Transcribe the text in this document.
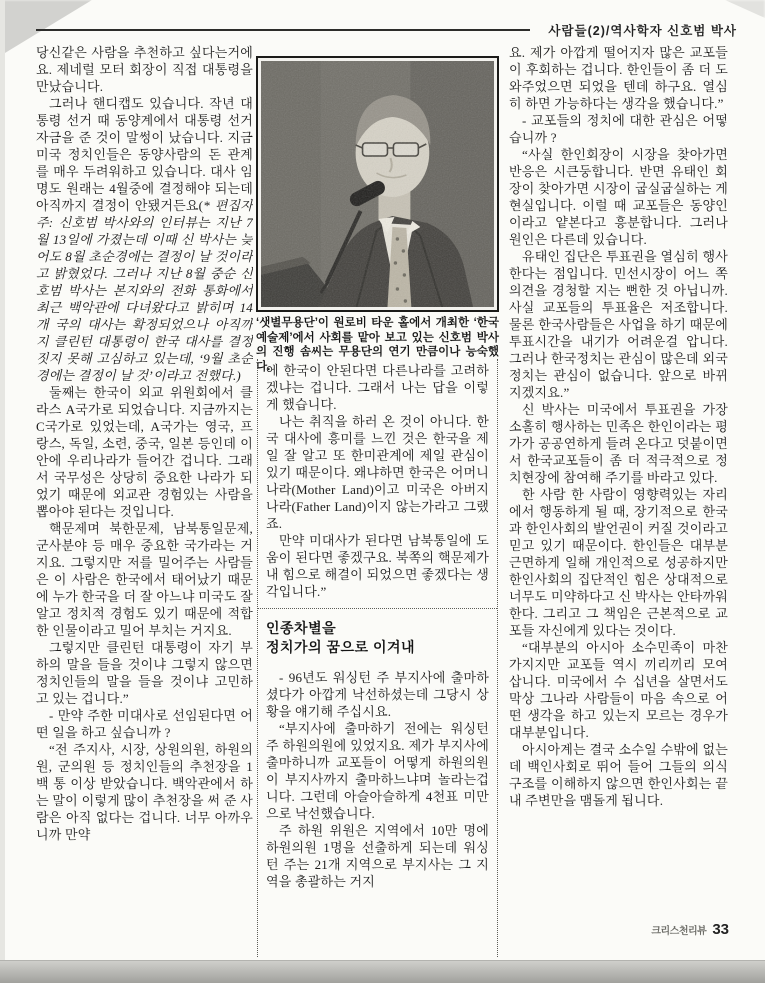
사람들(2)/역사학자 신호범 박사

당신같은 사람을 추천하고 싶다는거에요. 제네럴 모터 회장이 직접 대통령을 만났습니다.

그러나 핸디캡도 있습니다. 작년 대통령 선거 때 동양계에서 대통령 선거 자금을 준 것이 말썽이 났습니다. 지금 미국 정치인들은 동양사람의 돈 관계를 매우 두려워하고 있습니다. 대사 임명도 원래는 4월중에 결정해야 되는데 아직까지 결정이 안됐거든요(* 편집자 주: 신호범 박사와의 인터뷰는 지난 7월 13일에 가졌는데 이때 신 박사는 늦어도 8월 초순경에는 결정이 날 것이라고 밝혔었다. 그러나 지난 8월 중순 신호범 박사는 본지와의 전화 통화에서 최근 백악관에 다녀왔다고 밝히며 14개 국의 대사는 확정되었으나 아직까지 클린턴 대통령이 한국 대사를 결정짓지 못해 고심하고 있는데, ‘9월 초순경에는 결정이 날 것’이라고 전했다.)

둘째는 한국이 외교 위원회에서 클라스 A국가로 되었습니다. 지금까지는 C국가로 있었는데, A국가는 영국, 프랑스, 독일, 소련, 중국, 일본 등인데 이안에 우리나라가 들어간 겁니다. 그래서 국무성은 상당히 중요한 나라가 되었기 때문에 외교관 경험있는 사람을 뽑아야 된다는 것입니다.

핵문제며 북한문제, 남북통일문제, 군사분야 등 매우 중요한 국가라는 거지요. 그렇지만 저를 밀어주는 사람들은 이 사람은 한국에서 태어났기 때문에 누가 한국을 더 잘 아느냐 미국도 잘 알고 정치적 경험도 있기 때문에 적합한 인물이라고 밀어 부치는 거지요.

그렇지만 클린턴 대통령이 자기 부하의 말을 들을 것이냐 그렇지 않으면 정치인들의 말을 들을 것이냐 고민하고 있는 겁니다.”

- 만약 주한 미대사로 선임된다면 어떤 일을 하고 싶습니까 ?

“전 주지사, 시장, 상원의원, 하원의원, 군의원 등 정치인들의 추천장을 1백 통 이상 받았습니다. 백악관에서 하는 말이 이렇게 많이 추천장을 써 준 사람은 아직 없다는 겁니다. 너무 아까우니까 만약

‘샛별무용단’이 원로비 타운 홀에서 개최한 ‘한국예술제’에서 사회를 맡아 보고 있는 신호범 박사의 진행 솜씨는 무용단의 연기 만큼이나 능숙했다.

에 한국이 안된다면 다른나라를 고려하겠냐는 겁니다. 그래서 나는 답을 이렇게 했습니다.

나는 취직을 하러 온 것이 아니다. 한국 대사에 흥미를 느낀 것은 한국을 제일 잘 알고 또 한미관계에 제일 관심이 있기 때문이다. 왜냐하면 한국은 어머니 나라(Mother Land)이고 미국은 아버지 나라(Father Land)이지 않는가라고 그랬죠.

만약 미대사가 된다면 남북통일에 도움이 된다면 좋겠구요. 북쪽의 핵문제가 내 힘으로 해결이 되었으면 좋겠다는 생각입니다.”

인종차별을
정치가의 꿈으로 이겨내

- 96년도 워싱턴 주 부지사에 출마하셨다가 아깝게 낙선하셨는데 그당시 상황을 얘기해 주십시요.

“부지사에 출마하기 전에는 워싱턴 주 하원의원에 있었지요. 제가 부지사에 출마하니까 교포들이 어떻게 하원의원이 부지사까지 출마하느냐며 놀라는겁니다. 그런데 아슬아슬하게 4천표 미만으로 낙선했습니다.

주 하원 위원은 지역에서 10만 명에 하원의원 1명을 선출하게 되는데 워싱턴 주는 21개 지역으로 부지사는 그 지역을 총괄하는 거지

요. 제가 아깝게 떨어지자 많은 교포들이 후회하는 겁니다. 한인들이 좀 더 도와주었으면 되었을 텐데 하구요. 열심히 하면 가능하다는 생각을 했습니다.”

- 교포들의 정치에 대한 관심은 어떻습니까 ?

“사실 한인회장이 시장을 찾아가면 반응은 시큰둥합니다. 반면 유태인 회장이 찾아가면 시장이 굽실굽실하는 게 현실입니다. 이럴 때 교포들은 동양인이라고 얕본다고 흥분합니다. 그러나 원인은 다른데 있습니다.

유태인 집단은 투표권을 열심히 행사한다는 점입니다. 민선시장이 어느 쪽 의견을 경청할 지는 뻔한 것 아닙니까. 사실 교포들의 투표율은 저조합니다. 물론 한국사람들은 사업을 하기 때문에 투표시간을 내기가 어려운걸 압니다. 그러나 한국정치는 관심이 많은데 외국정치는 관심이 없습니다. 앞으로 바뀌지겠지요.”

신 박사는 미국에서 투표권을 가장 소홀히 행사하는 민족은 한인이라는 평가가 공공연하게 들려 온다고 덧붙이면서 한국교포들이 좀 더 적극적으로 정치현장에 참여해 주기를 바라고 있다.

한 사람 한 사람이 영향력있는 자리에서 행동하게 될 때, 장기적으로 한국과 한인사회의 발언권이 커질 것이라고 믿고 있기 때문이다. 한인들은 대부분 근면하게 일해 개인적으로 성공하지만 한인사회의 집단적인 힘은 상대적으로 너무도 미약하다고 신 박사는 안타까워한다. 그리고 그 책임은 근본적으로 교포들 자신에게 있다는 것이다.

“대부분의 아시아 소수민족이 마찬가지지만 교포들 역시 끼리끼리 모여 삽니다. 미국에서 수 십년을 살면서도 막상 그나라 사람들이 마음 속으로 어떤 생각을 하고 있는지 모르는 경우가 대부분입니다.

아시아계는 결국 소수일 수밖에 없는데 백인사회로 뛰어 들어 그들의 의식구조를 이해하지 않으면 한인사회는 끝내 주변만을 맴돌게 됩니다.

크리스천리뷰 33
